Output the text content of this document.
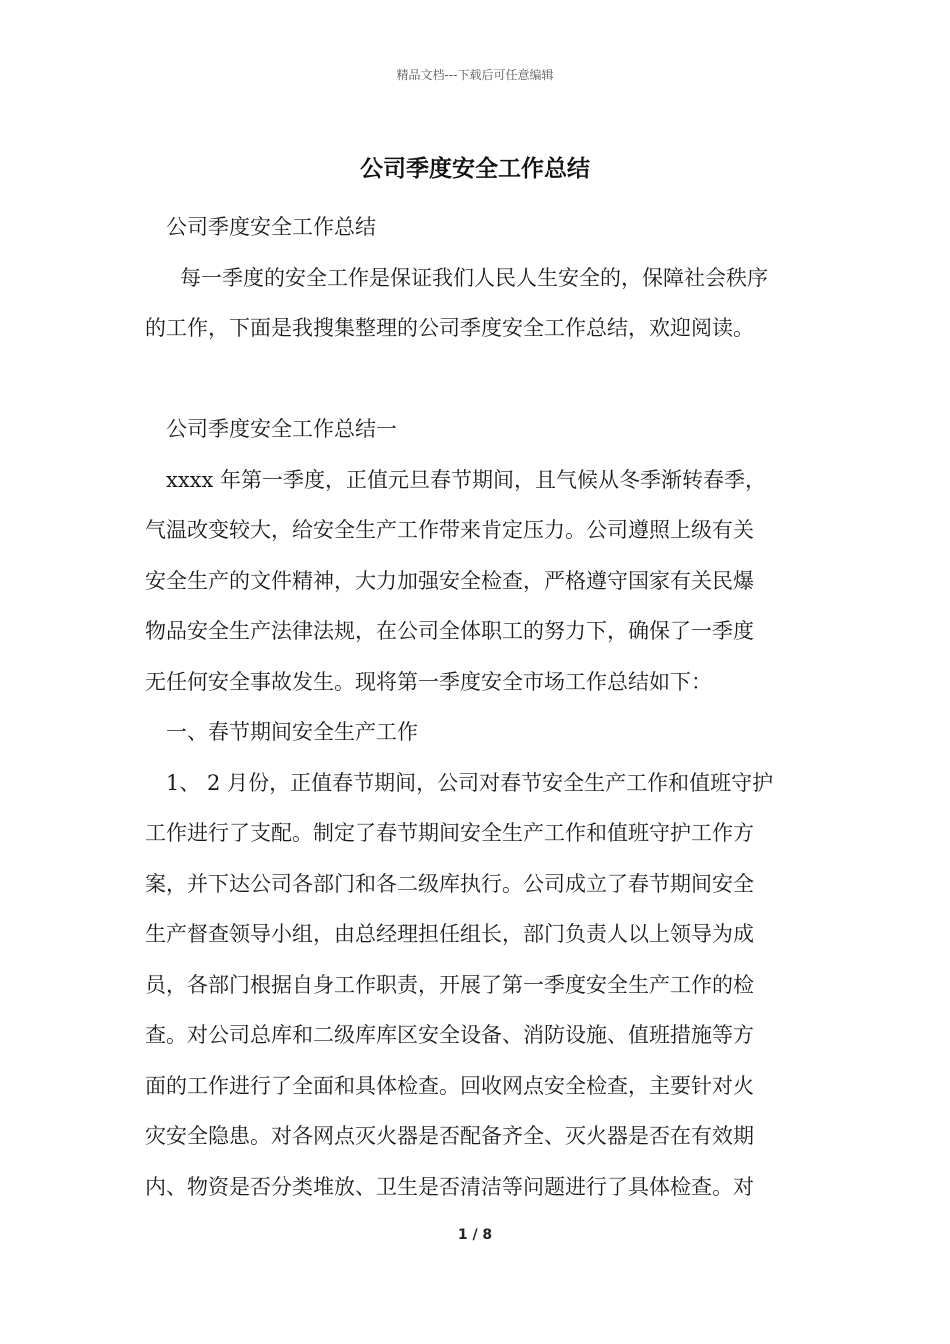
精品文档---下载后可任意编辑
公司季度安全工作总结
公司季度安全工作总结
每一季度的安全工作是保证我们人民人生安全的，保障社会秩序
的工作，下面是我搜集整理的公司季度安全工作总结，欢迎阅读。
公司季度安全工作总结一
xxxx 年第一季度，正值元旦春节期间，且气候从冬季渐转春季，
气温改变较大，给安全生产工作带来肯定压力。公司遵照上级有关
安全生产的文件精神，大力加强安全检查，严格遵守国家有关民爆
物品安全生产法律法规，在公司全体职工的努力下，确保了一季度
无任何安全事故发生。现将第一季度安全市场工作总结如下：
一、春节期间安全生产工作
1、 2 月份，正值春节期间，公司对春节安全生产工作和值班守护
工作进行了支配。制定了春节期间安全生产工作和值班守护工作方
案，并下达公司各部门和各二级库执行。公司成立了春节期间安全
生产督查领导小组，由总经理担任组长，部门负责人以上领导为成
员，各部门根据自身工作职责，开展了第一季度安全生产工作的检
查。对公司总库和二级库库区安全设备、消防设施、值班措施等方
面的工作进行了全面和具体检查。回收网点安全检查，主要针对火
灾安全隐患。对各网点灭火器是否配备齐全、灭火器是否在有效期
内、物资是否分类堆放、卫生是否清洁等问题进行了具体检查。对
1 / 8
